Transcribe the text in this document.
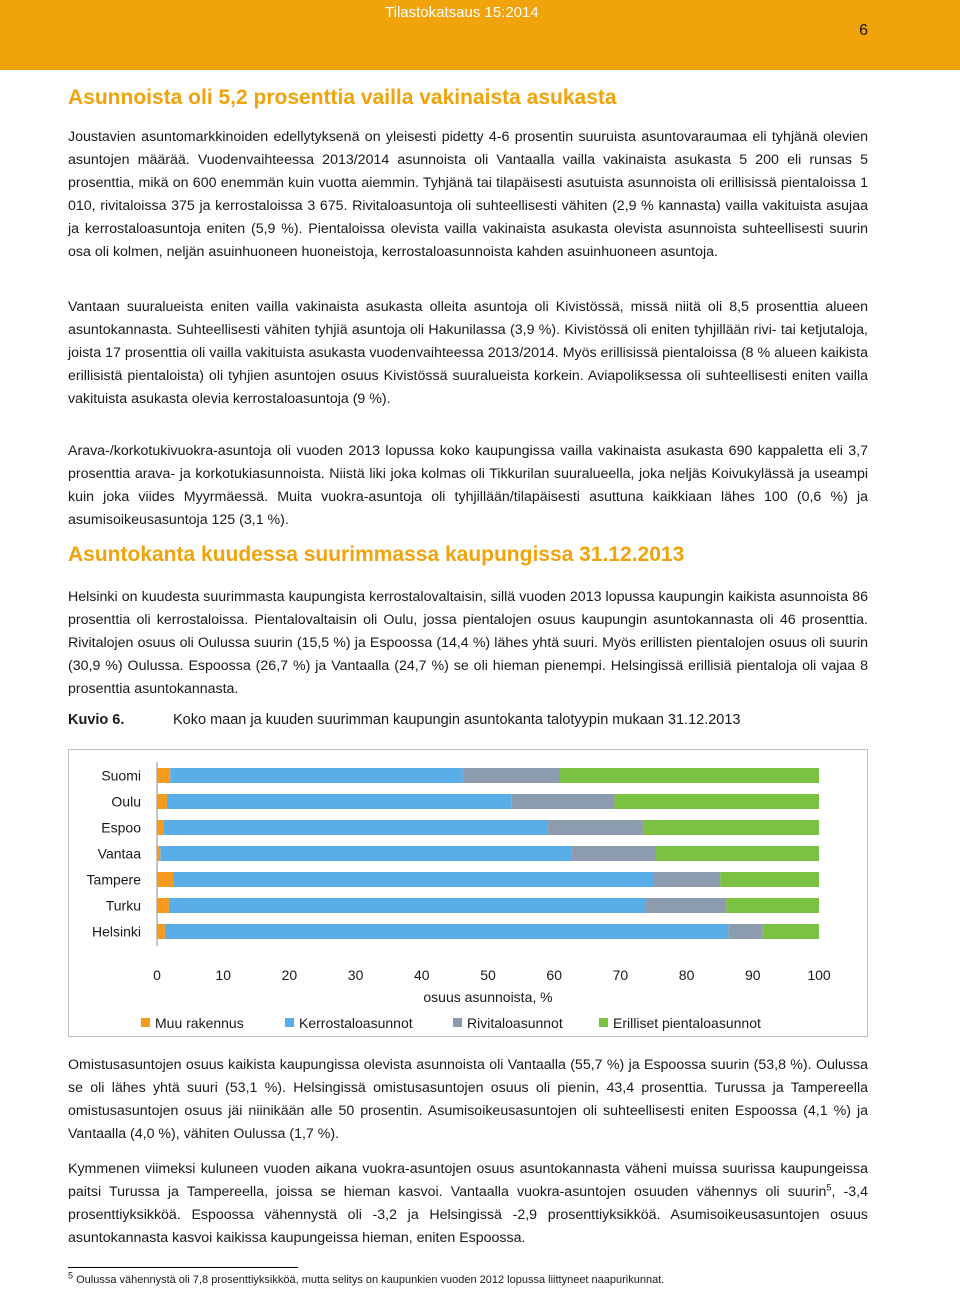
Tilastokatsaus 15:2014
6
Asunnoista oli 5,2 prosenttia vailla vakinaista asukasta

Joustavien asuntomarkkinoiden edellytyksenä on yleisesti pidetty 4-6 prosentin suuruista asuntovaraumaa eli tyhjänä olevien asuntojen määrää. Vuodenvaihteessa 2013/2014 asunnoista oli Vantaalla vailla vakinaista asukasta 5 200 eli runsas 5 prosenttia, mikä on 600 enemmän kuin vuotta aiemmin. Tyhjänä tai tilapäisesti asutuista asunnoista oli erillisissä pientaloissa 1 010, rivitaloissa 375 ja kerrostaloissa 3 675. Rivitaloasuntoja oli suhteellisesti vähiten (2,9 % kannasta) vailla vakituista asujaa ja kerrostaloasuntoja eniten (5,9 %). Pientaloissa olevista vailla vakinaista asukasta olevista asunnoista suhteellisesti suurin osa oli kolmen, neljän asuinhuoneen huoneistoja, kerrostaloasunnoista kahden asuinhuoneen asuntoja.

Vantaan suuralueista eniten vailla vakinaista asukasta olleita asuntoja oli Kivistössä, missä niitä oli 8,5 prosenttia alueen asuntokannasta. Suhteellisesti vähiten tyhjiä asuntoja oli Hakunilassa (3,9 %). Kivistössä oli eniten tyhjillään rivi- tai ketjutaloja, joista 17 prosenttia oli vailla vakituista asukasta vuodenvaihteessa 2013/2014. Myös erillisissä pientaloissa (8 % alueen kaikista erillisistä pientaloista) oli tyhjien asuntojen osuus Kivistössä suuralueista korkein. Aviapoliksessa oli suhteellisesti eniten vailla vakituista asukasta olevia kerrostaloasuntoja (9 %).

Arava-/korkotukivuokra-asuntoja oli vuoden 2013 lopussa koko kaupungissa vailla vakinaista asukasta 690 kappaletta eli 3,7 prosenttia arava- ja korkotukiasunnoista. Niistä liki joka kolmas oli Tikkurilan suuralueella, joka neljäs Koivukylässä ja useampi kuin joka viides Myyrmäessä. Muita vuokra-asuntoja oli tyhjillään/tilapäisesti asuttuna kaikkiaan lähes 100 (0,6 %) ja asumisoikeusasuntoja 125 (3,1 %).

Asuntokanta kuudessa suurimmassa kaupungissa 31.12.2013

Helsinki on kuudesta suurimmasta kaupungista kerrostalovaltaisin, sillä vuoden 2013 lopussa kaupungin kaikista asunnoista 86 prosenttia oli kerrostaloissa. Pientalovaltaisin oli Oulu, jossa pientalojen osuus kaupungin asuntokannasta oli 46 prosenttia. Rivitalojen osuus oli Oulussa suurin (15,5 %) ja Espoossa (14,4 %) lähes yhtä suuri. Myös erillisten pientalojen osuus oli suurin (30,9 %) Oulussa. Espoossa (26,7 %) ja Vantaalla (24,7 %) se oli hieman pienempi. Helsingissä erillisiä pientaloja oli vajaa 8 prosenttia asuntokannasta.

Kuvio 6.	Koko maan ja kuuden suurimman kaupungin asuntokanta talotyypin mukaan 31.12.2013
Suomi
Oulu
Espoo
Vantaa
Tampere
Turku
Helsinki
0	10	20	30	40	50	60	70	80	90	100
osuus asunnoista, %
Muu rakennus	Kerrostaloasunnot	Rivitaloasunnot	Erilliset pientaloasunnot

Omistusasuntojen osuus kaikista kaupungissa olevista asunnoista oli Vantaalla (55,7 %) ja Espoossa suurin (53,8 %). Oulussa se oli lähes yhtä suuri (53,1 %). Helsingissä omistusasuntojen osuus oli pienin, 43,4 prosenttia. Turussa ja Tampereella omistusasuntojen osuus jäi niinikään alle 50 prosentin. Asumisoikeusasuntojen oli suhteellisesti eniten Espoossa (4,1 %) ja Vantaalla (4,0 %), vähiten Oulussa (1,7 %).

Kymmenen viimeksi kuluneen vuoden aikana vuokra-asuntojen osuus asuntokannasta väheni muissa suurissa kaupungeissa paitsi Turussa ja Tampereella, joissa se hieman kasvoi. Vantaalla vuokra-asuntojen osuuden vähennys oli suurin$^5$, -3,4 prosenttiyksikköä. Espoossa vähennystä oli -3,2 ja Helsingissä -2,9 prosenttiyksikköä. Asumisoikeusasuntojen osuus asuntokannasta kasvoi kaikissa kaupungeissa hieman, eniten Espoossa.

$^5$ Oulussa vähennystä oli 7,8 prosenttiyksikköä, mutta selitys on kaupunkien vuoden 2012 lopussa liittyneet naapurikunnat.
